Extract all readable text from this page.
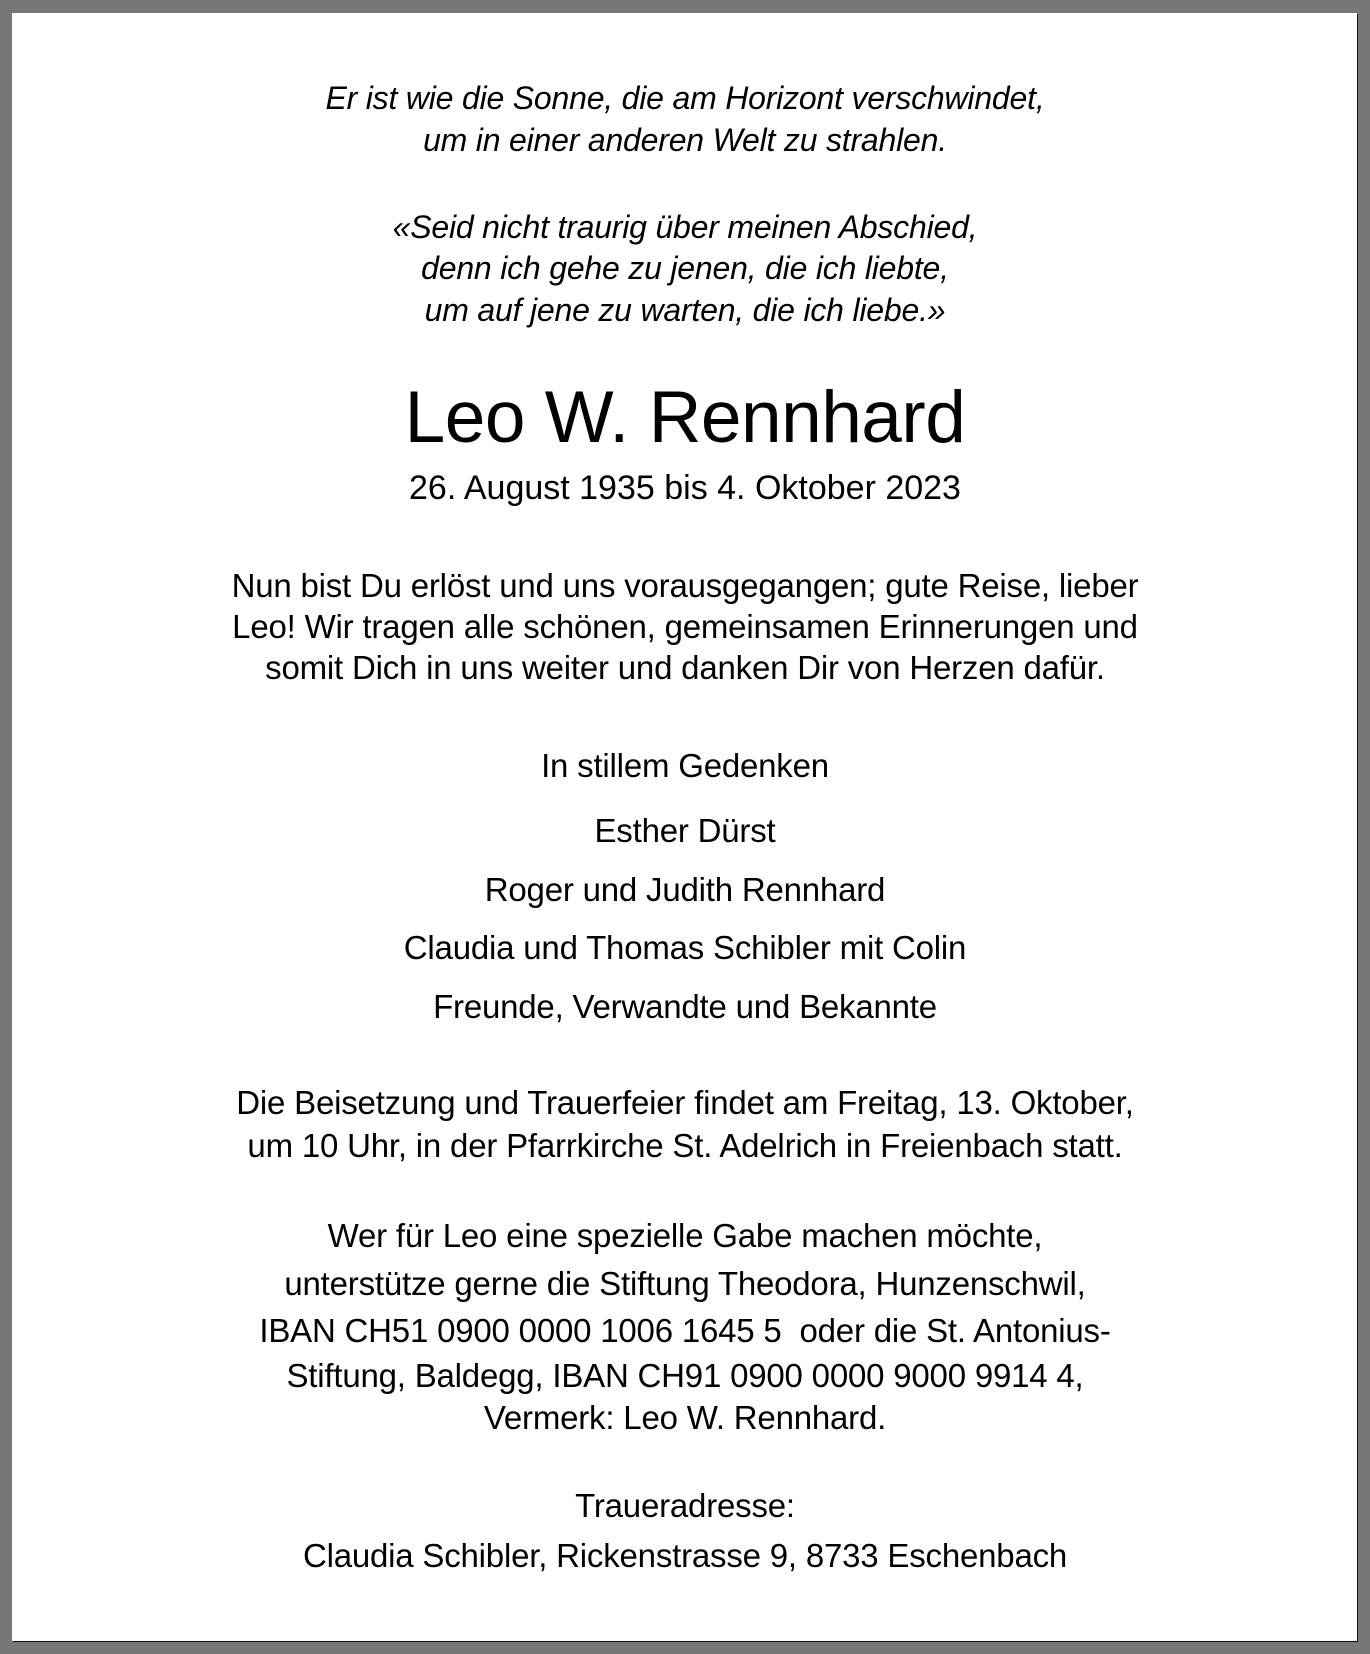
Er ist wie die Sonne, die am Horizont verschwindet,
um in einer anderen Welt zu strahlen.
«Seid nicht traurig über meinen Abschied,
denn ich gehe zu jenen, die ich liebte,
um auf jene zu warten, die ich liebe.»
Leo W. Rennhard
26. August 1935 bis 4. Oktober 2023
Nun bist Du erlöst und uns vorausgegangen; gute Reise, lieber
Leo! Wir tragen alle schönen, gemeinsamen Erinnerungen und
somit Dich in uns weiter und danken Dir von Herzen dafür.
In stillem Gedenken
Esther Dürst
Roger und Judith Rennhard
Claudia und Thomas Schibler mit Colin
Freunde, Verwandte und Bekannte
Die Beisetzung und Trauerfeier findet am Freitag, 13. Oktober,
um 10 Uhr, in der Pfarrkirche St. Adelrich in Freienbach statt.
Wer für Leo eine spezielle Gabe machen möchte,
unterstütze gerne die Stiftung Theodora, Hunzenschwil,
IBAN CH51 0900 0000 1006 1645 5  oder die St. Antonius-
Stiftung, Baldegg, IBAN CH91 0900 0000 9000 9914 4,
Vermerk: Leo W. Rennhard.
Traueradresse:
Claudia Schibler, Rickenstrasse 9, 8733 Eschenbach
